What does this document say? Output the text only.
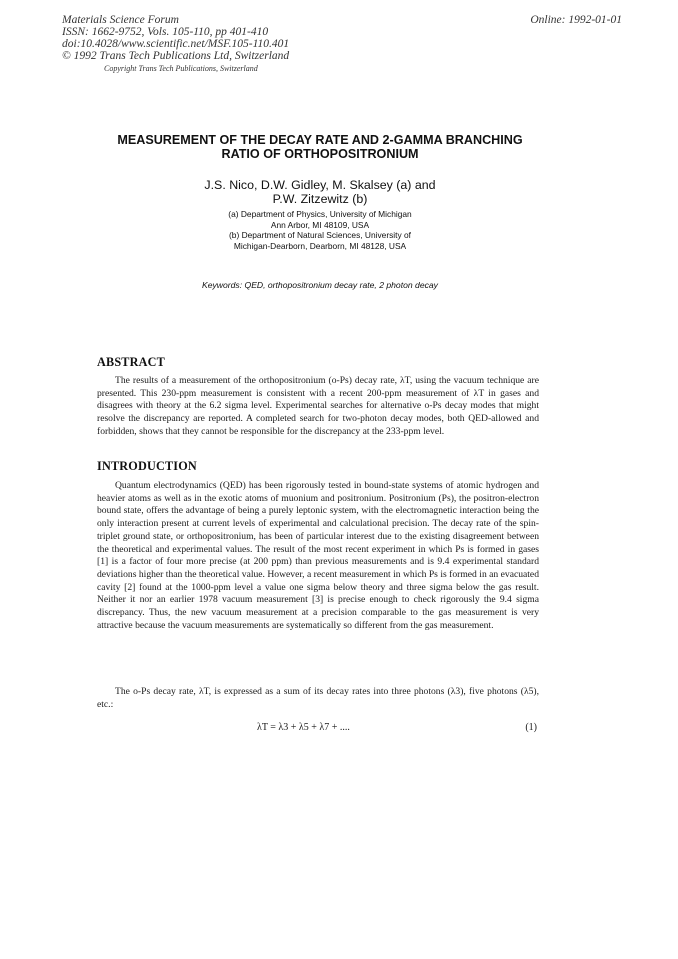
Materials Science Forum
ISSN: 1662-9752, Vols. 105-110, pp 401-410
doi:10.4028/www.scientific.net/MSF.105-110.401
© 1992 Trans Tech Publications Ltd, Switzerland
Copyright Trans Tech Publications, Switzerland
Online: 1992-01-01
MEASUREMENT OF THE DECAY RATE AND 2-GAMMA BRANCHING
RATIO OF ORTHOPOSITRONIUM
J.S. Nico, D.W. Gidley, M. Skalsey (a) and
P.W. Zitzewitz (b)
(a) Department of Physics, University of Michigan
Ann Arbor, MI 48109, USA
(b) Department of Natural Sciences, University of
Michigan-Dearborn, Dearborn, MI 48128, USA
Keywords: QED, orthopositronium decay rate, 2 photon decay
ABSTRACT
The results of a measurement of the orthopositronium (o-Ps) decay rate, λT, using the vacuum technique are presented. This 230-ppm measurement is consistent with a recent 200-ppm measurement of λT in gases and disagrees with theory at the 6.2 sigma level. Experimental searches for alternative o-Ps decay modes that might resolve the discrepancy are reported. A completed search for two-photon decay modes, both QED-allowed and forbidden, shows that they cannot be responsible for the discrepancy at the 233-ppm level.
INTRODUCTION
Quantum electrodynamics (QED) has been rigorously tested in bound-state systems of atomic hydrogen and heavier atoms as well as in the exotic atoms of muonium and positronium. Positronium (Ps), the positron-electron bound state, offers the advantage of being a purely leptonic system, with the electromagnetic interaction being the only interaction present at current levels of experimental and calculational precision. The decay rate of the spin-triplet ground state, or orthopositronium, has been of particular interest due to the existing disagreement between the theoretical and experimental values. The result of the most recent experiment in which Ps is formed in gases [1] is a factor of four more precise (at 200 ppm) than previous measurements and is 9.4 experimental standard deviations higher than the theoretical value. However, a recent measurement in which Ps is formed in an evacuated cavity [2] found at the 1000-ppm level a value one sigma below theory and three sigma below the gas result. Neither it nor an earlier 1978 vacuum measurement [3] is precise enough to check rigorously the 9.4 sigma discrepancy. Thus, the new vacuum measurement at a precision comparable to the gas measurement is very attractive because the vacuum measurements are systematically so different from the gas measurement.
The o-Ps decay rate, λT, is expressed as a sum of its decay rates into three photons (λ3), five photons (λ5), etc.:
λT = λ3 + λ5 + λ7 + ....	(1)
